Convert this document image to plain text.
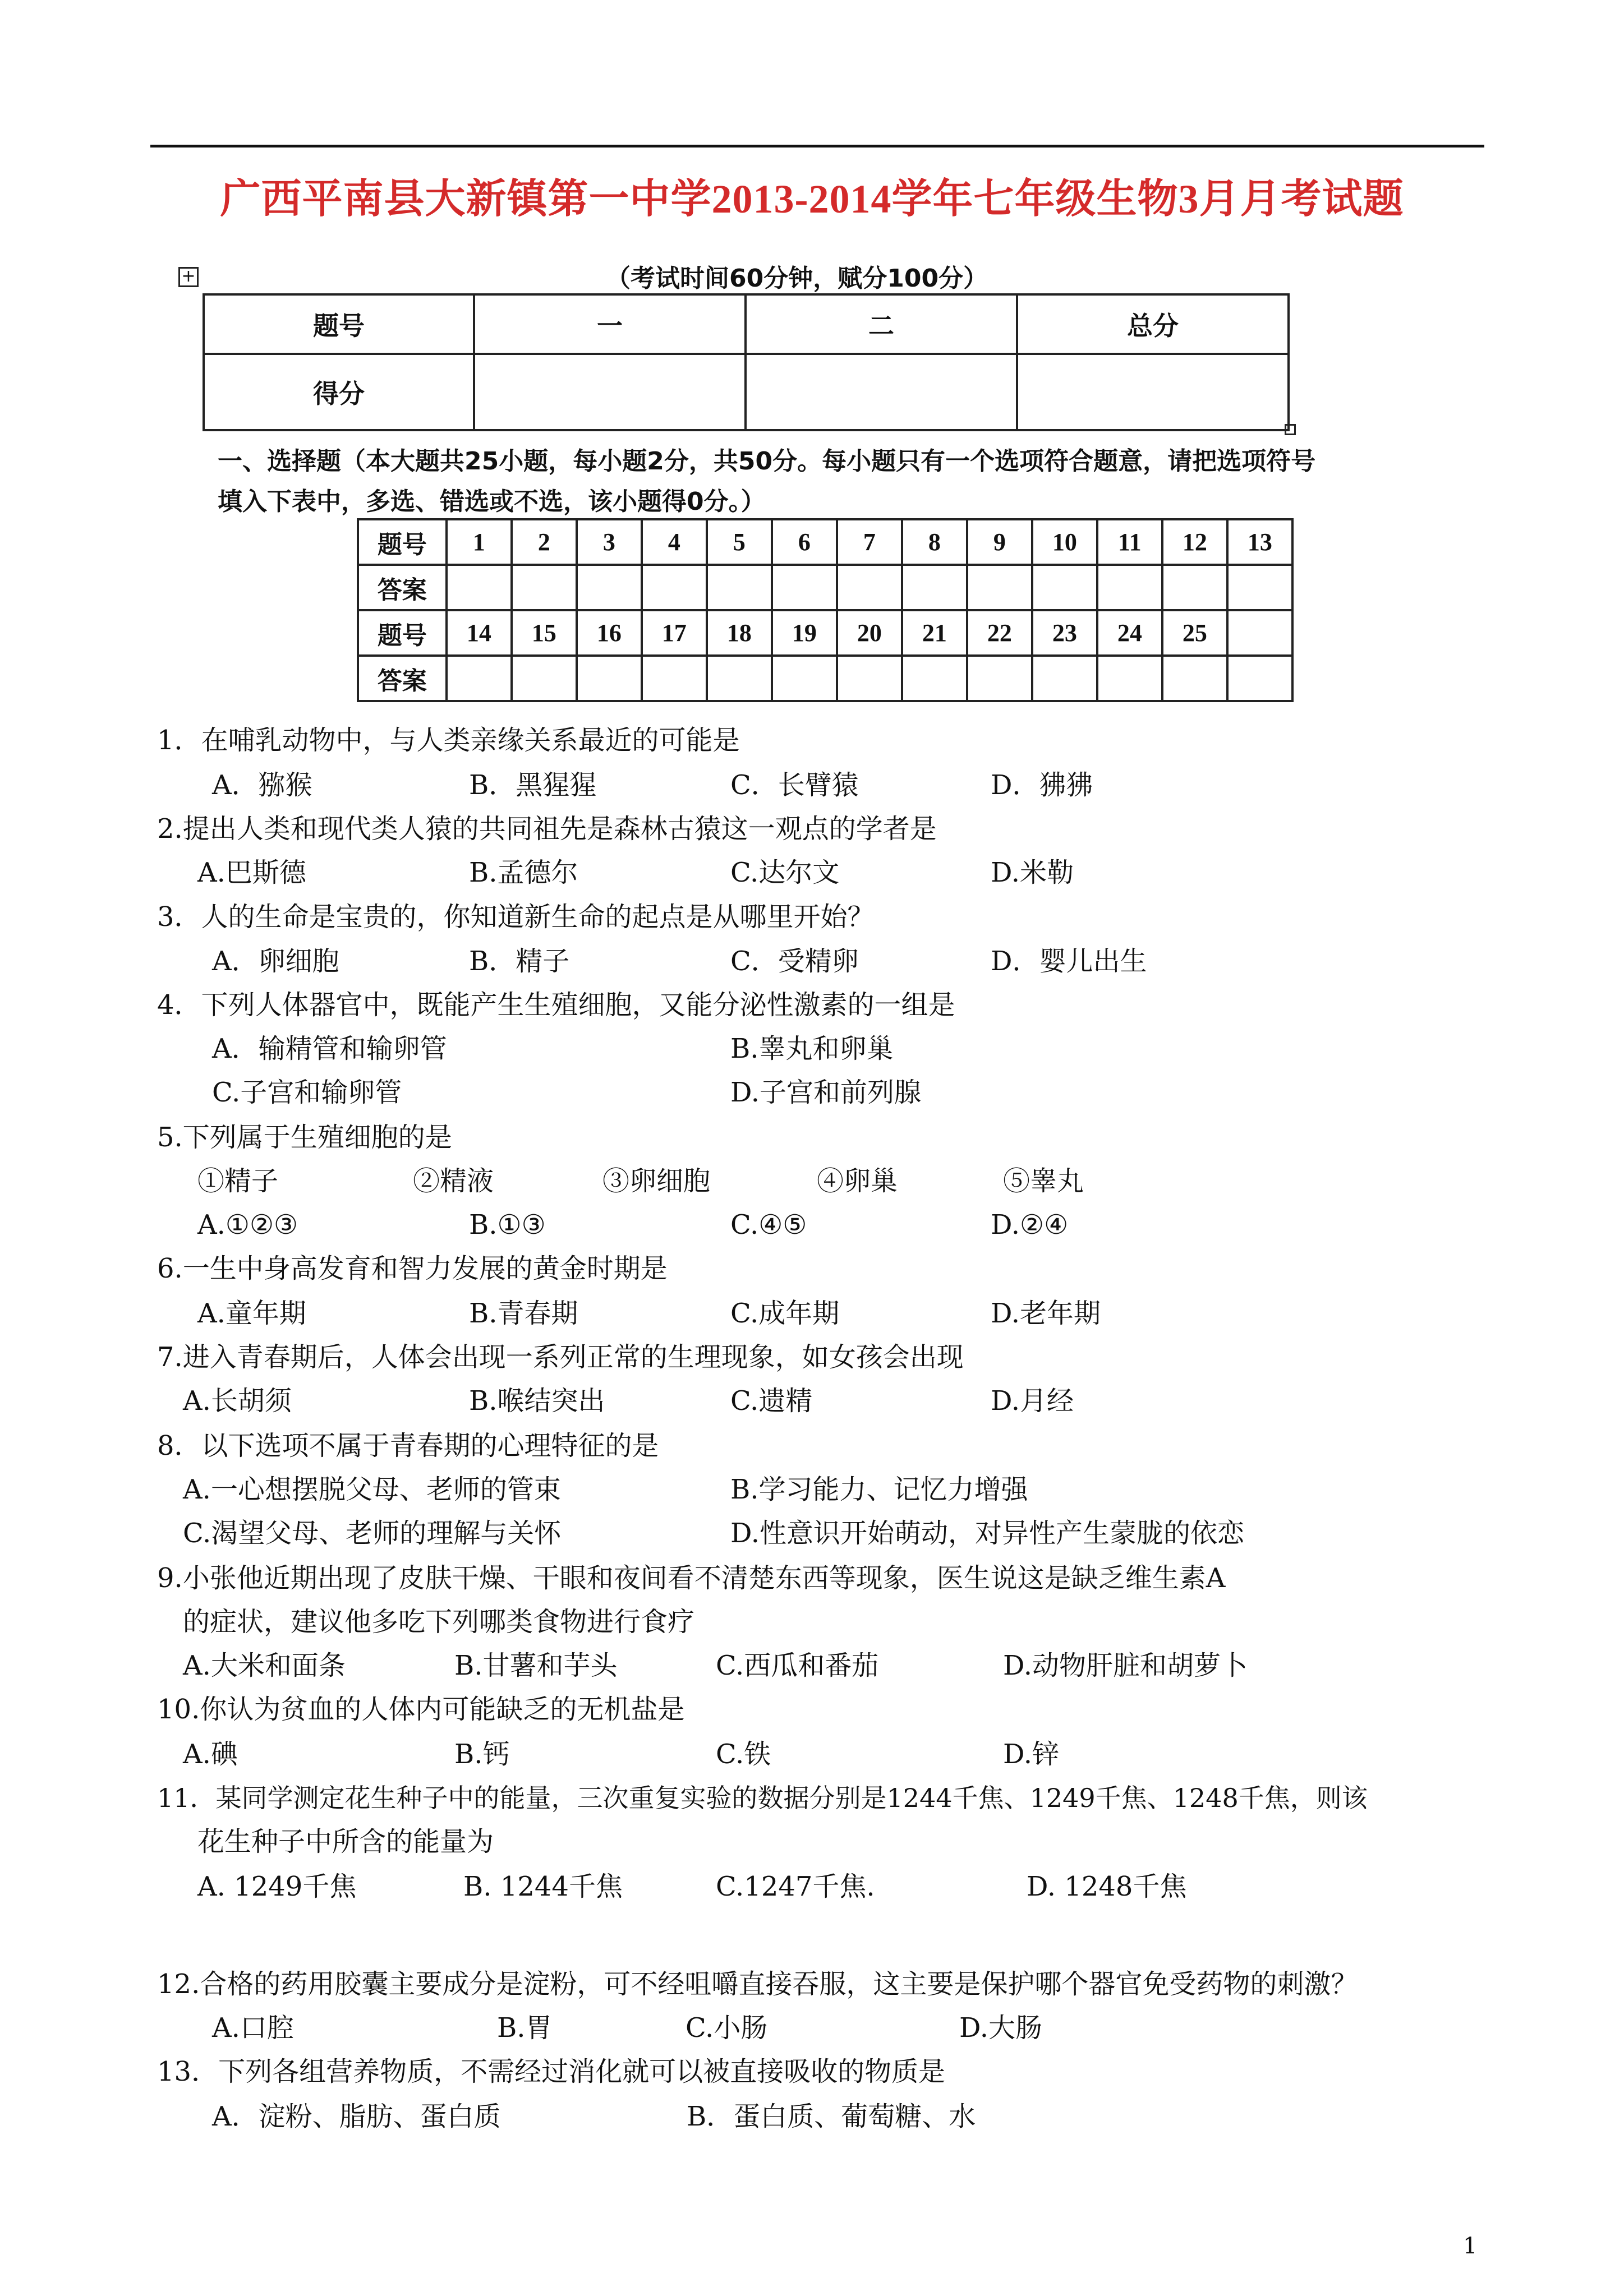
广西平南县大新镇第一中学2013-2014学年七年级生物3月月考试题
+	（考试时间60分钟，赋分100分）
题号	一	二	总分
得分			
一、选择题（本大题共25小题，每小题2分，共50分。每小题只有一个选项符合题意，请把选项符号
填入下表中，多选、错选或不选，该小题得0分。）
题号	1	2	3	4	5	6	7	8	9	10	11	12	13
答案													
题号	14	15	16	17	18	19	20	21	22	23	24	25	
答案													
1．在哺乳动物中，与人类亲缘关系最近的可能是
A．猕猴	B．黑猩猩	C．长臂猿	D．狒狒
2.提出人类和现代类人猿的共同祖先是森林古猿这一观点的学者是
A.巴斯德	B.孟德尔	C.达尔文	D.米勒
3．人的生命是宝贵的，你知道新生命的起点是从哪里开始？
A．卵细胞	B．精子	C．受精卵	D．婴儿出生
4．下列人体器官中，既能产生生殖细胞，又能分泌性激素的一组是
A．输精管和输卵管	B.睾丸和卵巢
C.子宫和输卵管	D.子宫和前列腺
5.下列属于生殖细胞的是
①精子	②精液	③卵细胞	④卵巢	⑤睾丸
A.①②③	B.①③	C.④⑤	D.②④
6.一生中身高发育和智力发展的黄金时期是
A.童年期	B.青春期	C.成年期	D.老年期
7.进入青春期后，人体会出现一系列正常的生理现象，如女孩会出现
A.长胡须	B.喉结突出	C.遗精	D.月经
8．以下选项不属于青春期的心理特征的是
A.一心想摆脱父母、老师的管束	B.学习能力、记忆力增强
C.渴望父母、老师的理解与关怀	D.性意识开始萌动，对异性产生蒙胧的依恋
9.小张他近期出现了皮肤干燥、干眼和夜间看不清楚东西等现象，医生说这是缺乏维生素A
的症状，建议他多吃下列哪类食物进行食疗
A.大米和面条	B.甘薯和芋头	C.西瓜和番茄	D.动物肝脏和胡萝卜
10.你认为贫血的人体内可能缺乏的无机盐是
A.碘	B.钙	C.铁	D.锌
11．某同学测定花生种子中的能量，三次重复实验的数据分别是1244千焦、1249千焦、1248千焦，则该
花生种子中所含的能量为
A. 1249千焦	B. 1244千焦	C.1247千焦.	D. 1248千焦
12.合格的药用胶囊主要成分是淀粉，可不经咀嚼直接吞服，这主要是保护哪个器官免受药物的刺激？
A.口腔	B.胃	C.小肠	D.大肠
13．下列各组营养物质，不需经过消化就可以被直接吸收的物质是
A．淀粉、脂肪、蛋白质	B．蛋白质、葡萄糖、水
1
